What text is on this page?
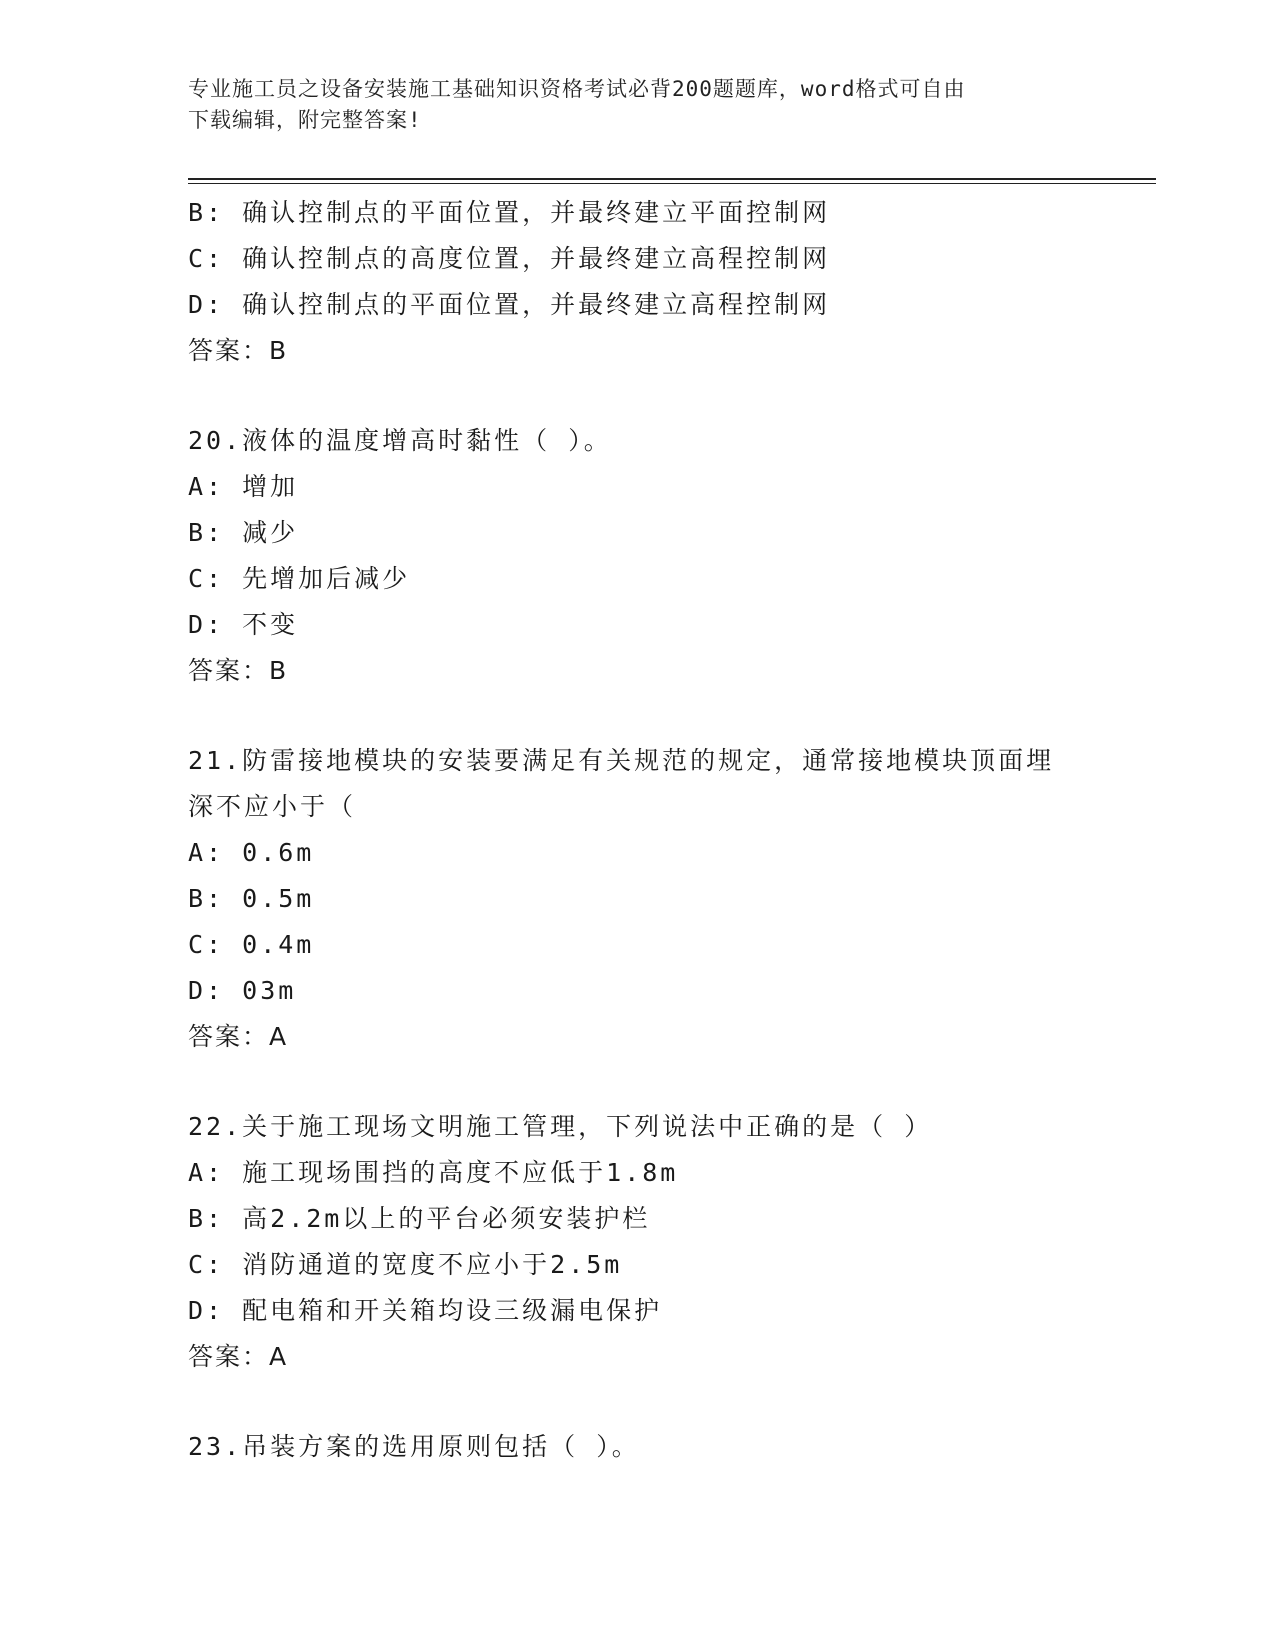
专业施工员之设备安装施工基础知识资格考试必背200题题库，word格式可自由
下载编辑，附完整答案!
B: 确认控制点的平面位置，并最终建立平面控制网
C: 确认控制点的高度位置，并最终建立高程控制网
D: 确认控制点的平面位置，并最终建立高程控制网
答案：B
20.液体的温度增高时黏性（ ）。
A: 增加
B: 减少
C: 先增加后减少
D: 不变
答案：B
21.防雷接地模块的安装要满足有关规范的规定，通常接地模块顶面埋
深不应小于（
A: 0.6m
B: 0.5m
C: 0.4m
D: 03m
答案：A
22.关于施工现场文明施工管理，下列说法中正确的是（ ）
A: 施工现场围挡的高度不应低于1.8m
B: 高2.2m以上的平台必须安装护栏
C: 消防通道的宽度不应小于2.5m
D: 配电箱和开关箱均设三级漏电保护
答案：A
23.吊装方案的选用原则包括（ ）。
